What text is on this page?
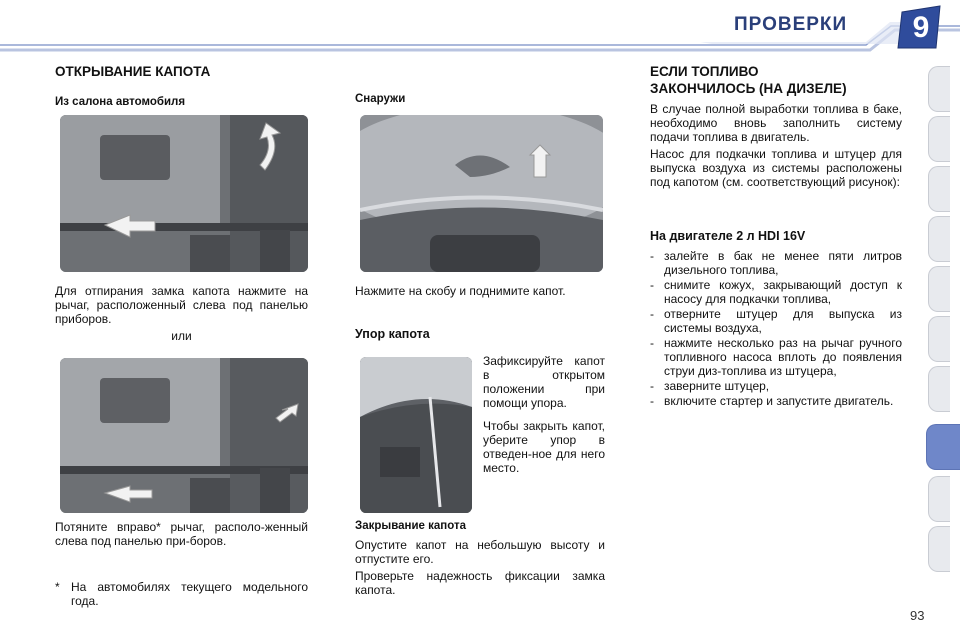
ПРОВЕРКИ 9
ОТКРЫВАНИЕ КАПОТА
Из салона автомобиля
Для отпирания замка капота нажмите на рычаг, расположенный слева под панелью приборов.
или
Потяните вправо* рычаг, располо-женный слева под панелью при-боров.
* На автомобилях текущего модельного года.
Снаружи
Нажмите на скобу и поднимите капот.
Упор капота
Зафиксируйте капот в открытом положении при помощи упора.
Чтобы закрыть капот, уберите упор в отведен-ное для него место.
Закрывание капота
Опустите капот на небольшую высоту и отпустите его.
Проверьте надежность фиксации замка капота.
ЕСЛИ ТОПЛИВО
ЗАКОНЧИЛОСЬ (НА ДИЗЕЛЕ)
В случае полной выработки топлива в баке, необходимо вновь заполнить систему подачи топлива в двигатель.
Насос для подкачки топлива и штуцер для выпуска воздуха из системы расположены под капотом (см. соответствующий рисунок):
На двигателе 2 л HDI 16V
- залейте в бак не менее пяти литров дизельного топлива,
- снимите кожух, закрывающий доступ к насосу для подкачки топлива,
- отверните штуцер для выпуска из системы воздуха,
- нажмите несколько раз на рычаг ручного топливного насоса вплоть до появления струи диз-топлива из штуцера,
- заверните штуцер,
- включите стартер и запустите двигатель.
93
